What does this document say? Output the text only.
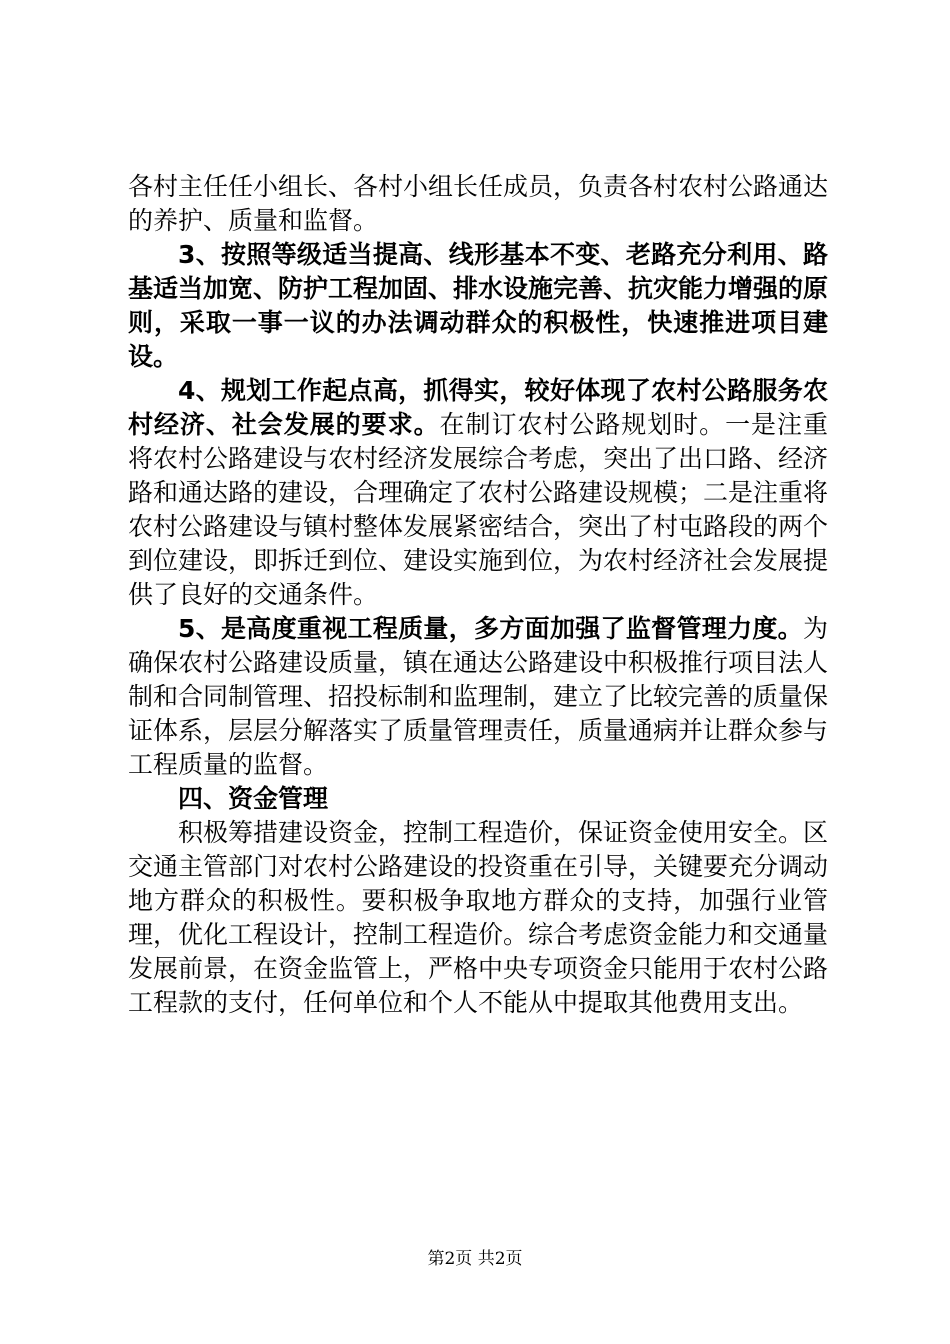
各村主任任小组长、各村小组长任成员，负责各村农村公路通达的养护、质量和监督。

3、按照等级适当提高、线形基本不变、老路充分利用、路基适当加宽、防护工程加固、排水设施完善、抗灾能力增强的原则，采取一事一议的办法调动群众的积极性，快速推进项目建设。

4、规划工作起点高，抓得实，较好体现了农村公路服务农村经济、社会发展的要求。在制订农村公路规划时。一是注重将农村公路建设与农村经济发展综合考虑，突出了出口路、经济路和通达路的建设，合理确定了农村公路建设规模；二是注重将农村公路建设与镇村整体发展紧密结合，突出了村屯路段的两个到位建设，即拆迁到位、建设实施到位，为农村经济社会发展提供了良好的交通条件。

5、是高度重视工程质量，多方面加强了监督管理力度。为确保农村公路建设质量，镇在通达公路建设中积极推行项目法人制和合同制管理、招投标制和监理制，建立了比较完善的质量保证体系，层层分解落实了质量管理责任，质量通病并让群众参与工程质量的监督。

四、资金管理

积极筹措建设资金，控制工程造价，保证资金使用安全。区交通主管部门对农村公路建设的投资重在引导，关键要充分调动地方群众的积极性。要积极争取地方群众的支持，加强行业管理，优化工程设计，控制工程造价。综合考虑资金能力和交通量发展前景，在资金监管上，严格中央专项资金只能用于农村公路工程款的支付，任何单位和个人不能从中提取其他费用支出。

第2页 共2页
